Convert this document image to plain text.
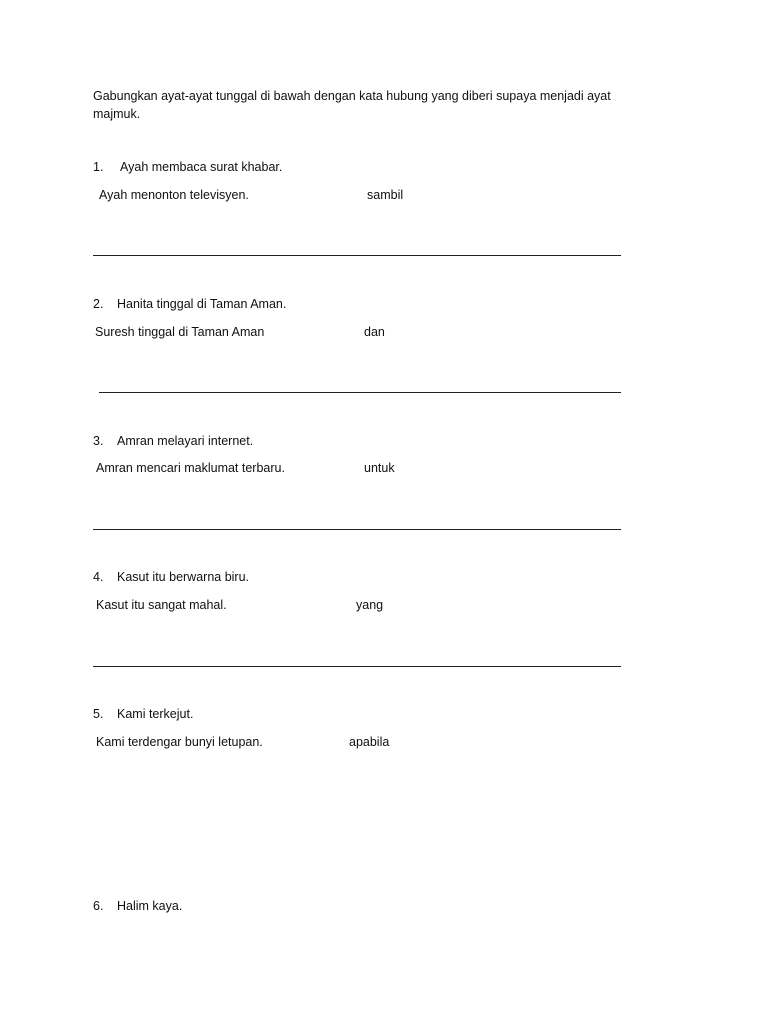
Gabungkan ayat-ayat tunggal di bawah dengan kata hubung yang diberi supaya menjadi ayat majmuk.

1. Ayah membaca surat khabar.
Ayah menonton televisyen.	sambil
2. Hanita tinggal di Taman Aman.
Suresh tinggal di Taman Aman	dan
3. Amran melayari internet.
Amran mencari maklumat terbaru.	untuk
4. Kasut itu berwarna biru.
Kasut itu sangat mahal.	yang
5. Kami terkejut.
Kami terdengar bunyi letupan.	apabila
6. Halim kaya.
